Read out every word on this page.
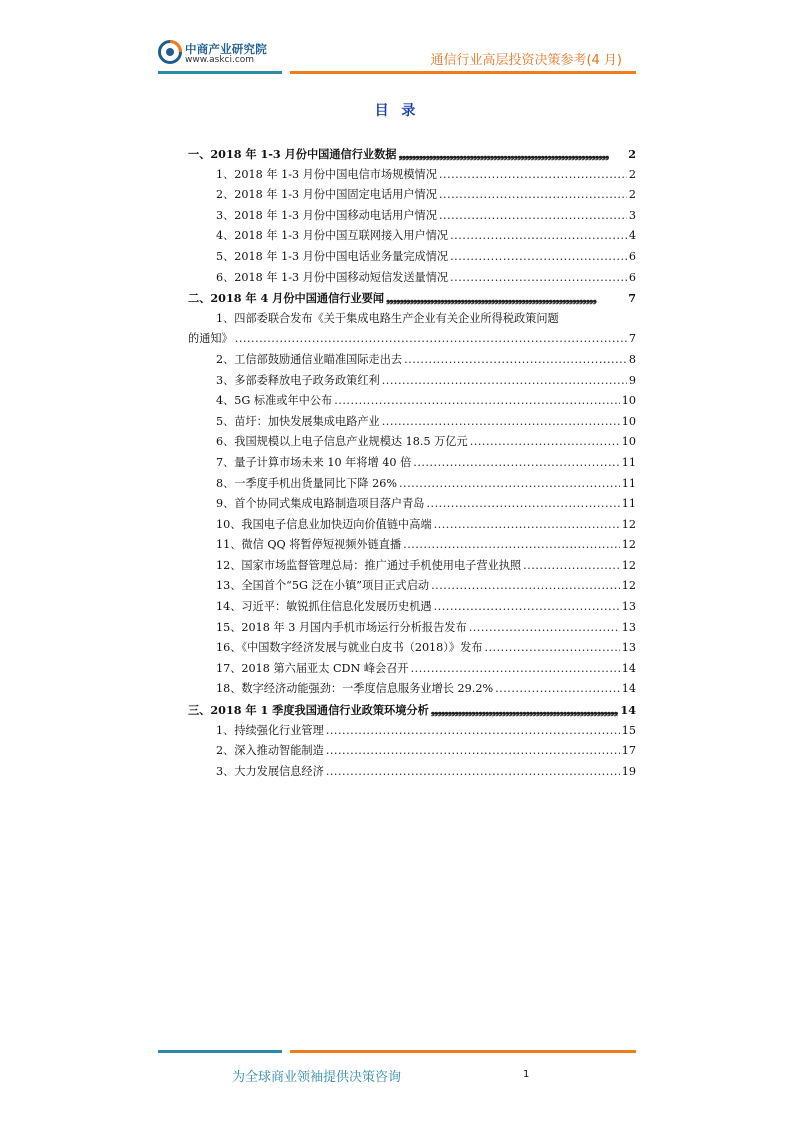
中商产业研究院
www.askci.com	通信行业高层投资决策参考(4 月)
目 录
一、2018 年 1-3 月份中国通信行业数据 ❟❟❟❟❟❟❟❟❟❟❟❟❟❟❟❟❟❟❟❟❟❟❟❟❟❟❟❟❟❟❟❟❟❟❟❟❟❟❟❟❟❟❟❟❟❟❟❟❟❟❟❟❟❟❟❟❟❟❟❟❟❟	2
1、2018 年 1-3 月份中国电信市场规模情况 .....	2
2、2018 年 1-3 月份中国固定电话用户情况 .....	2
3、2018 年 1-3 月份中国移动电话用户情况 .....	3
4、2018 年 1-3 月份中国互联网接入用户情况 .....	4
5、2018 年 1-3 月份中国电话业务量完成情况 .....	6
6、2018 年 1-3 月份中国移动短信发送量情况 .....	6
二、2018 年 4 月份中国通信行业要闻 ❟❟❟❟❟❟❟❟❟❟❟❟❟❟❟❟❟❟❟❟❟❟❟❟❟❟❟❟❟❟❟❟❟❟❟❟❟❟❟❟❟❟❟❟❟❟❟❟❟❟❟❟❟❟❟❟❟❟❟❟❟❟	7
1、四部委联合发布《关于集成电路生产企业有关企业所得税政策问题
的通知》 .....	7
2、工信部鼓励通信业瞄准国际走出去 .....	8
3、多部委释放电子政务政策红利 .....	9
4、5G 标准或年中公布 .....	10
5、苗圩：加快发展集成电路产业 .....	10
6、我国规模以上电子信息产业规模达 18.5 万亿元 .....	10
7、量子计算市场未来 10 年将增 40 倍 .....	11
8、一季度手机出货量同比下降 26% .....	11
9、首个协同式集成电路制造项目落户青岛 .....	11
10、我国电子信息业加快迈向价值链中高端 .....	12
11、微信 QQ 将暂停短视频外链直播 .....	12
12、国家市场监督管理总局：推广通过手机使用电子营业执照 .....	12
13、全国首个“5G 泛在小镇”项目正式启动 .....	12
14、习近平：敏锐抓住信息化发展历史机遇 .....	13
15、2018 年 3 月国内手机市场运行分析报告发布 .....	13
16、《中国数字经济发展与就业白皮书（2018）》发布 .....	13
17、2018 第六届亚太 CDN 峰会召开 .....	14
18、数字经济动能强劲：一季度信息服务业增长 29.2% .....	14
三、2018 年 1 季度我国通信行业政策环境分析 ❟❟❟❟❟❟❟❟❟❟❟❟❟❟❟❟❟❟❟❟❟❟❟❟❟❟❟❟❟❟❟❟❟❟❟❟❟❟❟❟❟❟❟❟❟❟❟❟❟❟❟❟❟❟❟❟❟❟❟❟❟❟	14
1、持续强化行业管理 .....	15
2、深入推动智能制造 .....	17
3、大力发展信息经济 .....	19
为全球商业领袖提供决策咨询	1
